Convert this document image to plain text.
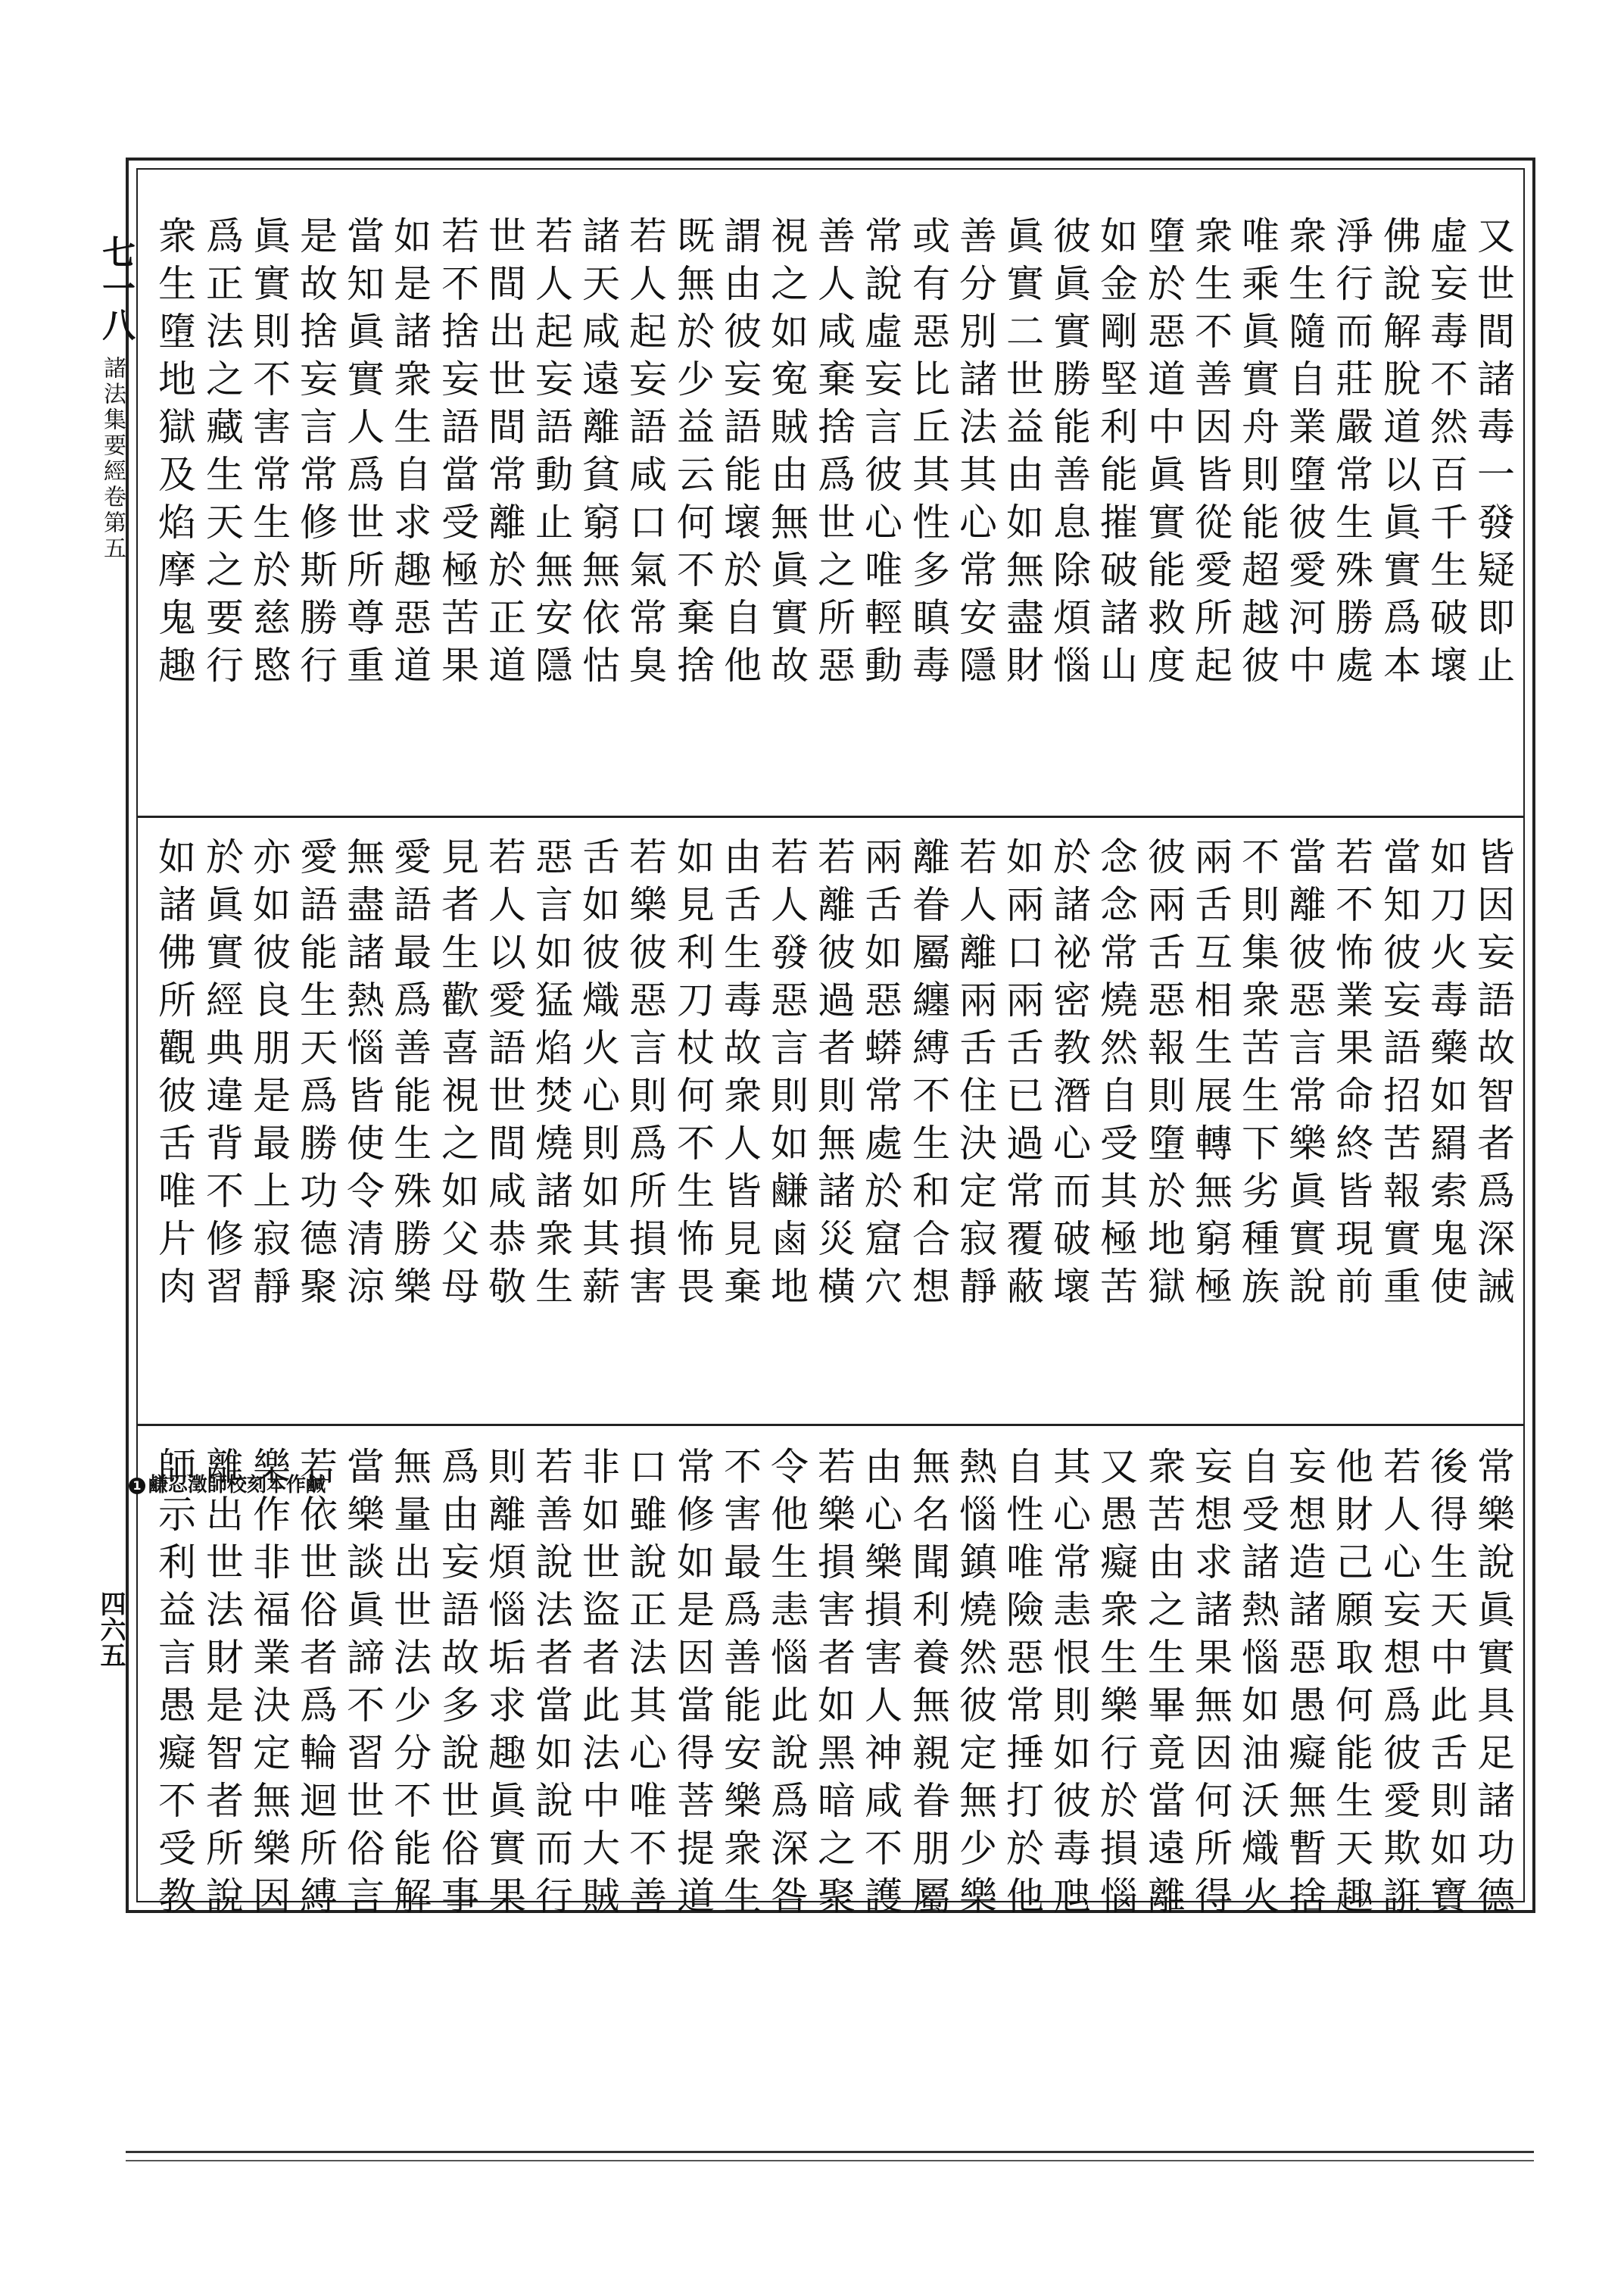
七一八
諸法集要經卷第五
四六五
又世間諸毒一發疑即止
虛妄毒不然百千生破壞
佛說解脫道以眞實爲本
淨行而莊嚴常生殊勝處
衆生隨自業墮彼愛河中
唯乘眞實舟則能超越彼
衆生不善因皆從愛所起
墮於惡道中眞實能救度
如金剛堅利能摧破諸山
彼眞實勝能善息除煩惱
眞實二世益由如無盡財
善分別諸法其心常安隱
或有惡比丘其性多瞋毒
常說虛妄言彼心唯輕動
善人咸棄捨爲世之所惡
視之如寃賊由無眞實故
謂由彼妄語能壞於自他
既無於少益云何不棄捨
若人起妄語咸口氣常臭
諸天咸遠離貧窮無依怙
若人起妄語動止無安隱
世間出世間常離於正道
若不捨妄語當受極苦果
如是諸衆生自求趣惡道
當知眞實人爲世所尊重
是故捨妄言常修斯勝行
眞實則不害常生於慈愍
爲正法之藏生天之要行
衆生墮地獄及焰摩鬼趣
皆因妄語故智者爲深誡
如刀火毒藥如羂索鬼使
當知彼妄語招苦報實重
若不怖業果命終皆現前
當離彼惡言常樂眞實說
不則集衆苦生下劣種族
兩舌互相生展轉無窮極
彼兩舌惡報則墮於地獄
念念常燒然自受其極苦
於諸祕密教潛心而破壞
如兩口兩舌已過常覆蔽
若人離兩舌住決定寂靜
離眷屬纏縛不生和合想
兩舌如惡蟒常處於窟穴
若離彼過者則無諸災橫
若人發惡言則如鹻鹵地
由舌生毒故衆人皆見棄
如見利刀杖何不生怖畏
若樂彼惡言則爲所損害
舌如彼熾火心則如其薪
惡言如猛焰焚燒諸衆生
若人以愛語世間咸恭敬
見者生歡喜視之如父母
愛語最爲善能生殊勝樂
無盡諸熱惱皆使令清涼
愛語能生天爲勝功德聚
亦如彼良朋是最上寂靜
於眞實經典違背不修習
如諸佛所觀彼舌唯片肉
常樂說眞實具足諸功德
後得生天中此舌則如寶
若人心妄想爲彼愛欺誑
他財己願取何能生天趣
妄想造諸惡愚癡無暫捨
自受諸熱惱如油沃熾火
妄想求諸果無因何所得
衆苦由之生畢竟當遠離
又愚癡衆生樂行於損惱
其心常恚恨則如彼毒虺
自性唯險惡常捶打於他
熱惱鎮燒然彼定無少樂
無名聞利養無親眷朋屬
由心樂損害人神咸不護
若樂損害者如黑暗之聚
令他生恚惱此說爲深咎
不害最爲善能安樂衆生
常修如是因當得菩提道
口雖說正法其心唯不善
非如世盜者此法中大賊
若善說法者當如說而行
則離煩惱垢求趣眞實果
爲由妄語故多說世俗事
無量出世法少分不能解
當樂談眞諦不習世俗言
若依世俗者爲輪迴所縛
樂作非福業決定無樂因
離出世法財是智者所說
師示利益言愚癡不受教
1 鹻忍澂師校刻本作鹹
